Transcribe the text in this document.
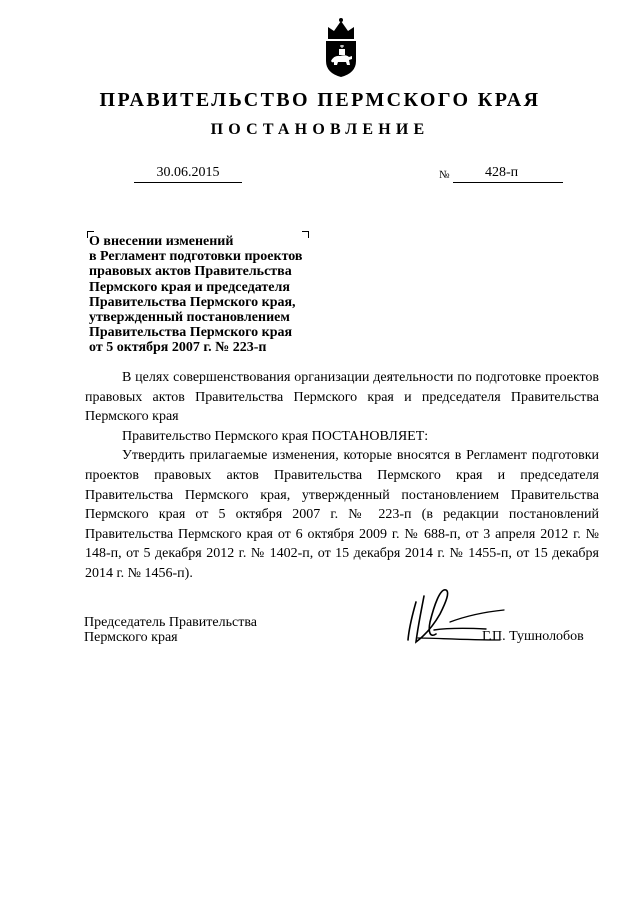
ПРАВИТЕЛЬСТВО ПЕРМСКОГО КРАЯ
ПОСТАНОВЛЕНИЕ
30.06.2015	№	428-п
О внесении изменений
в Регламент подготовки проектов
правовых актов Правительства
Пермского края и председателя
Правительства Пермского края,
утвержденный постановлением
Правительства Пермского края
от 5 октября 2007 г. № 223-п

В целях совершенствования организации деятельности по подготовке проектов правовых актов Правительства Пермского края и председателя Правительства Пермского края

Правительство Пермского края ПОСТАНОВЛЯЕТ:

Утвердить прилагаемые изменения, которые вносятся в Регламент подготовки проектов правовых актов Правительства Пермского края и председателя Правительства Пермского края, утвержденный постановлением Правительства Пермского края от 5 октября 2007 г. № 223-п (в редакции постановлений Правительства Пермского края от 6 октября 2009 г. № 688-п, от 3 апреля 2012 г. № 148-п, от 5 декабря 2012 г. № 1402-п, от 15 декабря 2014 г. № 1455-п, от 15 декабря 2014 г. № 1456-п).

Председатель Правительства
Пермского края	Г.П. Тушнолобов
